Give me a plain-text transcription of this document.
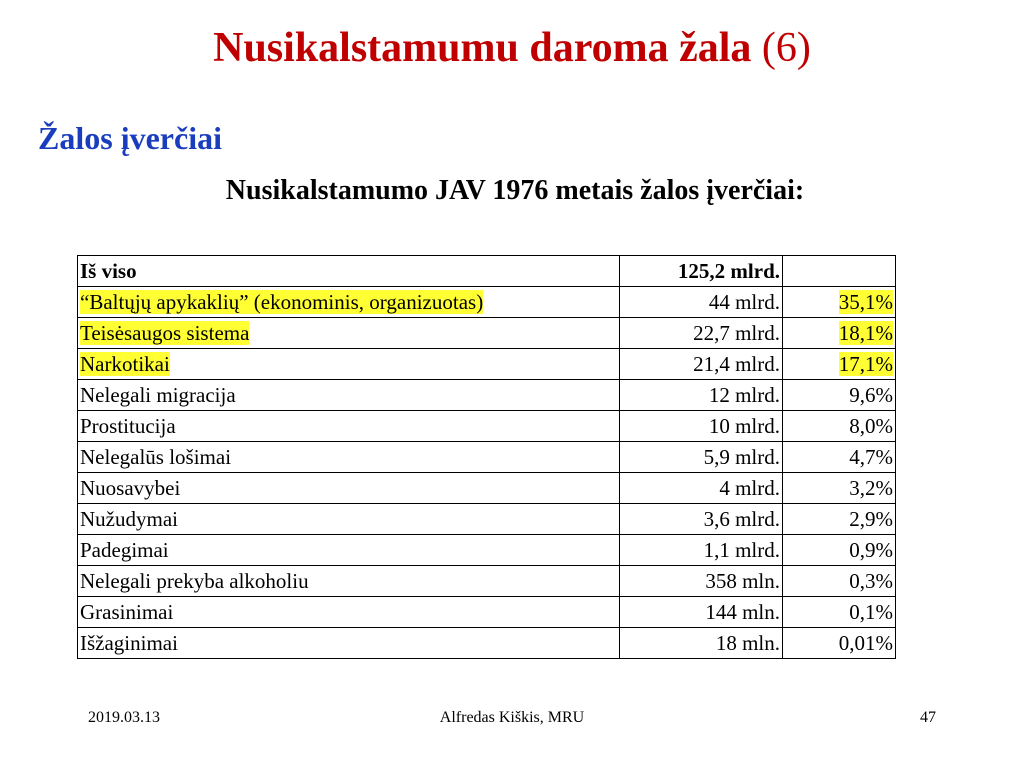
Nusikalstamumu daroma žala (6)
Žalos įverčiai
Nusikalstamumo JAV 1976 metais žalos įverčiai:
Iš viso	125,2 mlrd.	
“Baltųjų apykaklių” (ekonominis, organizuotas)	44 mlrd.	35,1%
Teisėsaugos sistema	22,7 mlrd.	18,1%
Narkotikai	21,4 mlrd.	17,1%
Nelegali migracija	12 mlrd.	9,6%
Prostitucija	10 mlrd.	8,0%
Nelegalūs lošimai	5,9 mlrd.	4,7%
Nuosavybei	4 mlrd.	3,2%
Nužudymai	3,6 mlrd.	2,9%
Padegimai	1,1 mlrd.	0,9%
Nelegali prekyba alkoholiu	358 mln.	0,3%
Grasinimai	144 mln.	0,1%
Išžaginimai	18 mln.	0,01%
2019.03.13	Alfredas Kiškis, MRU	47
